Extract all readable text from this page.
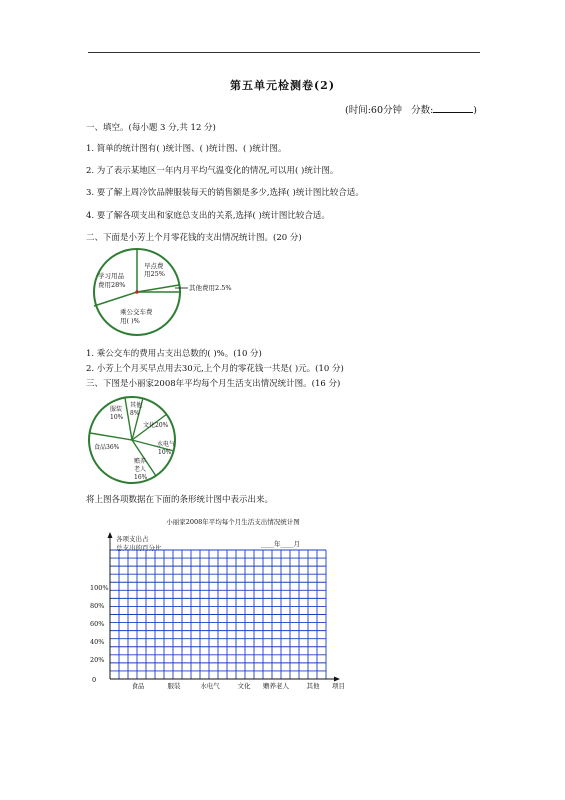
第五单元检测卷(2)
(时间:60分钟 分数:	)
一、填空。(每小题 3 分,共 12 分)
1. 简单的统计图有( )统计图、( )统计图、( )统计图。
2. 为了表示某地区一年内月平均气温变化的情况,可以用( )统计图。
3. 要了解上周冷饮品牌服装每天的销售额是多少,选择( )统计图比较合适。
4. 要了解各项支出和家庭总支出的关系,选择( )统计图比较合适。
二、下面是小芳上个月零花钱的支出情况统计图。(20 分)
学习用品
费用28%
早点费
用25%
其他费用2.5%
乘公交车费
用( )%
1. 乘公交车的费用占支出总数的( )%。(10 分)
2. 小芳上个月买早点用去30元,上个月的零花钱一共是( )元。(10 分)
三、下图是小丽家2008年平均每个月生活支出情况统计图。(16 分)
服装
10%
其他
8%
文化20%
水电气
10%
食品36%
赡养
老人
16%
将上图各项数据在下面的条形统计图中表示出来。
小丽家2008年平均每个月生活支出情况统计图
各项支出占
总支出的百分比	____年____月
100%
80%
60%
40%
20%
食品	服装	水电气	文化 赡养老人	其他
0
项目
